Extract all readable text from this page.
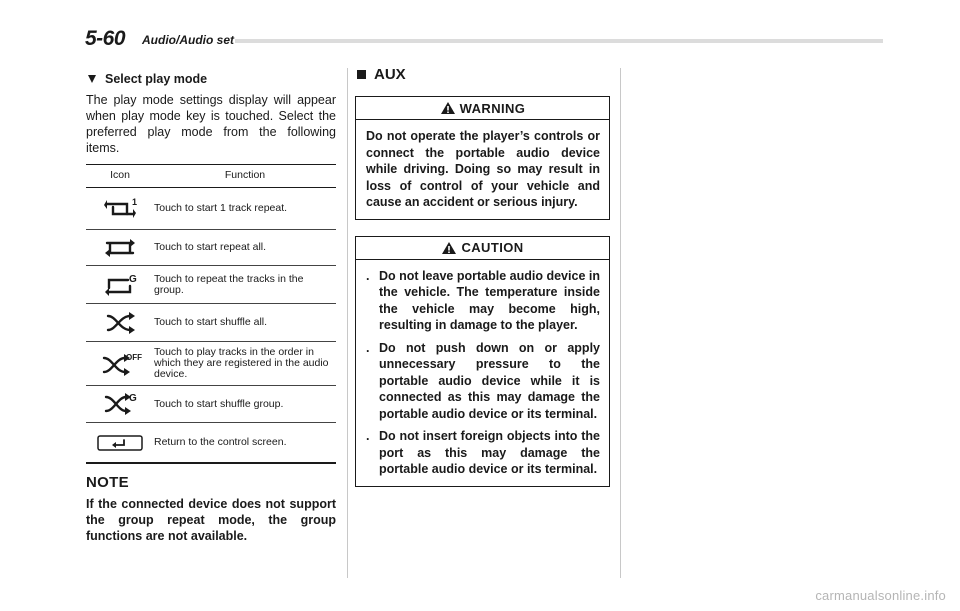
5-60 Audio/Audio set
Select play mode

The play mode settings display will appear when play mode key is touched. Select the preferred play mode from the following items.

Icon	Function

1	Touch to start 1 track repeat.

	Touch to start repeat all.

G	Touch to repeat the tracks in the group.

	Touch to start shuffle all.

OFF	Touch to play tracks in the order in which they are registered in the audio device.

G	Touch to start shuffle group.

	Return to the control screen.
NOTE

If the connected device does not support the group repeat mode, the group functions are not available.

AUX
WARNING
Do not operate the player’s controls or connect the portable audio device while driving. Doing so may result in loss of control of your vehicle and cause an accident or serious injury.
CAUTION
. Do not leave portable audio device in the vehicle. The temperature inside the vehicle may become high, resulting in damage to the player.
. Do not push down on or apply unnecessary pressure to the portable audio device while it is connected as this may damage the portable audio device or its terminal.
. Do not insert foreign objects into the port as this may damage the portable audio device or its terminal.
carmanualsonline.info
